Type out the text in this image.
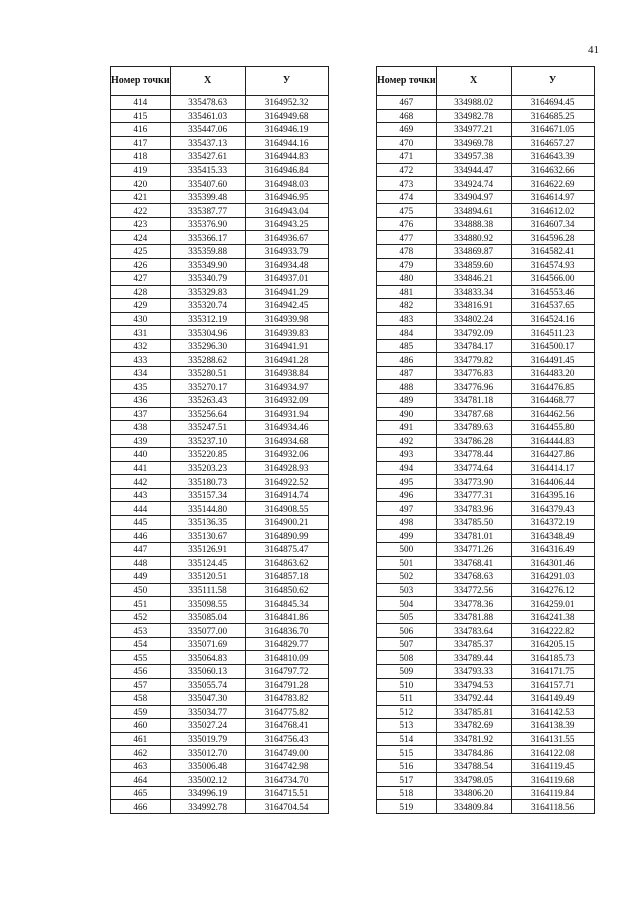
41
Номер точки	X	У
414	335478.63	3164952.32
415	335461.03	3164949.68
416	335447.06	3164946.19
417	335437.13	3164944.16
418	335427.61	3164944.83
419	335415.33	3164946.84
420	335407.60	3164948.03
421	335399.48	3164946.95
422	335387.77	3164943.04
423	335376.90	3164943.25
424	335366.17	3164936.67
425	335359.88	3164933.79
426	335349.90	3164934.48
427	335340.79	3164937.01
428	335329.83	3164941.29
429	335320.74	3164942.45
430	335312.19	3164939.98
431	335304.96	3164939.83
432	335296.30	3164941.91
433	335288.62	3164941.28
434	335280.51	3164938.84
435	335270.17	3164934.97
436	335263.43	3164932.09
437	335256.64	3164931.94
438	335247.51	3164934.46
439	335237.10	3164934.68
440	335220.85	3164932.06
441	335203.23	3164928.93
442	335180.73	3164922.52
443	335157.34	3164914.74
444	335144.80	3164908.55
445	335136.35	3164900.21
446	335130.67	3164890.99
447	335126.91	3164875.47
448	335124.45	3164863.62
449	335120.51	3164857.18
450	335111.58	3164850.62
451	335098.55	3164845.34
452	335085.04	3164841.86
453	335077.00	3164836.70
454	335071.69	3164829.77
455	335064.83	3164810.09
456	335060.13	3164797.72
457	335055.74	3164791.28
458	335047.30	3164783.82
459	335034.77	3164775.82
460	335027.24	3164768.41
461	335019.79	3164756.43
462	335012.70	3164749.00
463	335006.48	3164742.98
464	335002.12	3164734.70
465	334996.19	3164715.51
466	334992.78	3164704.54
Номер точки	X	У
467	334988.02	3164694.45
468	334982.78	3164685.25
469	334977.21	3164671.05
470	334969.78	3164657.27
471	334957.38	3164643.39
472	334944.47	3164632.66
473	334924.74	3164622.69
474	334904.97	3164614.97
475	334894.61	3164612.02
476	334888.38	3164607.34
477	334880.92	3164596.28
478	334869.87	3164582.41
479	334859.60	3164574.93
480	334846.21	3164566.00
481	334833.34	3164553.46
482	334816.91	3164537.65
483	334802.24	3164524.16
484	334792.09	3164511.23
485	334784.17	3164500.17
486	334779.82	3164491.45
487	334776.83	3164483.20
488	334776.96	3164476.85
489	334781.18	3164468.77
490	334787.68	3164462.56
491	334789.63	3164455.80
492	334786.28	3164444.83
493	334778.44	3164427.86
494	334774.64	3164414.17
495	334773.90	3164406.44
496	334777.31	3164395.16
497	334783.96	3164379.43
498	334785.50	3164372.19
499	334781.01	3164348.49
500	334771.26	3164316.49
501	334768.41	3164301.46
502	334768.63	3164291.03
503	334772.56	3164276.12
504	334778.36	3164259.01
505	334781.88	3164241.38
506	334783.64	3164222.82
507	334785.37	3164205.15
508	334789.44	3164185.73
509	334793.33	3164171.75
510	334794.53	3164157.71
511	334792.44	3164149.49
512	334785.81	3164142.53
513	334782.69	3164138.39
514	334781.92	3164131.55
515	334784.86	3164122.08
516	334788.54	3164119.45
517	334798.05	3164119.68
518	334806.20	3164119.84
519	334809.84	3164118.56
